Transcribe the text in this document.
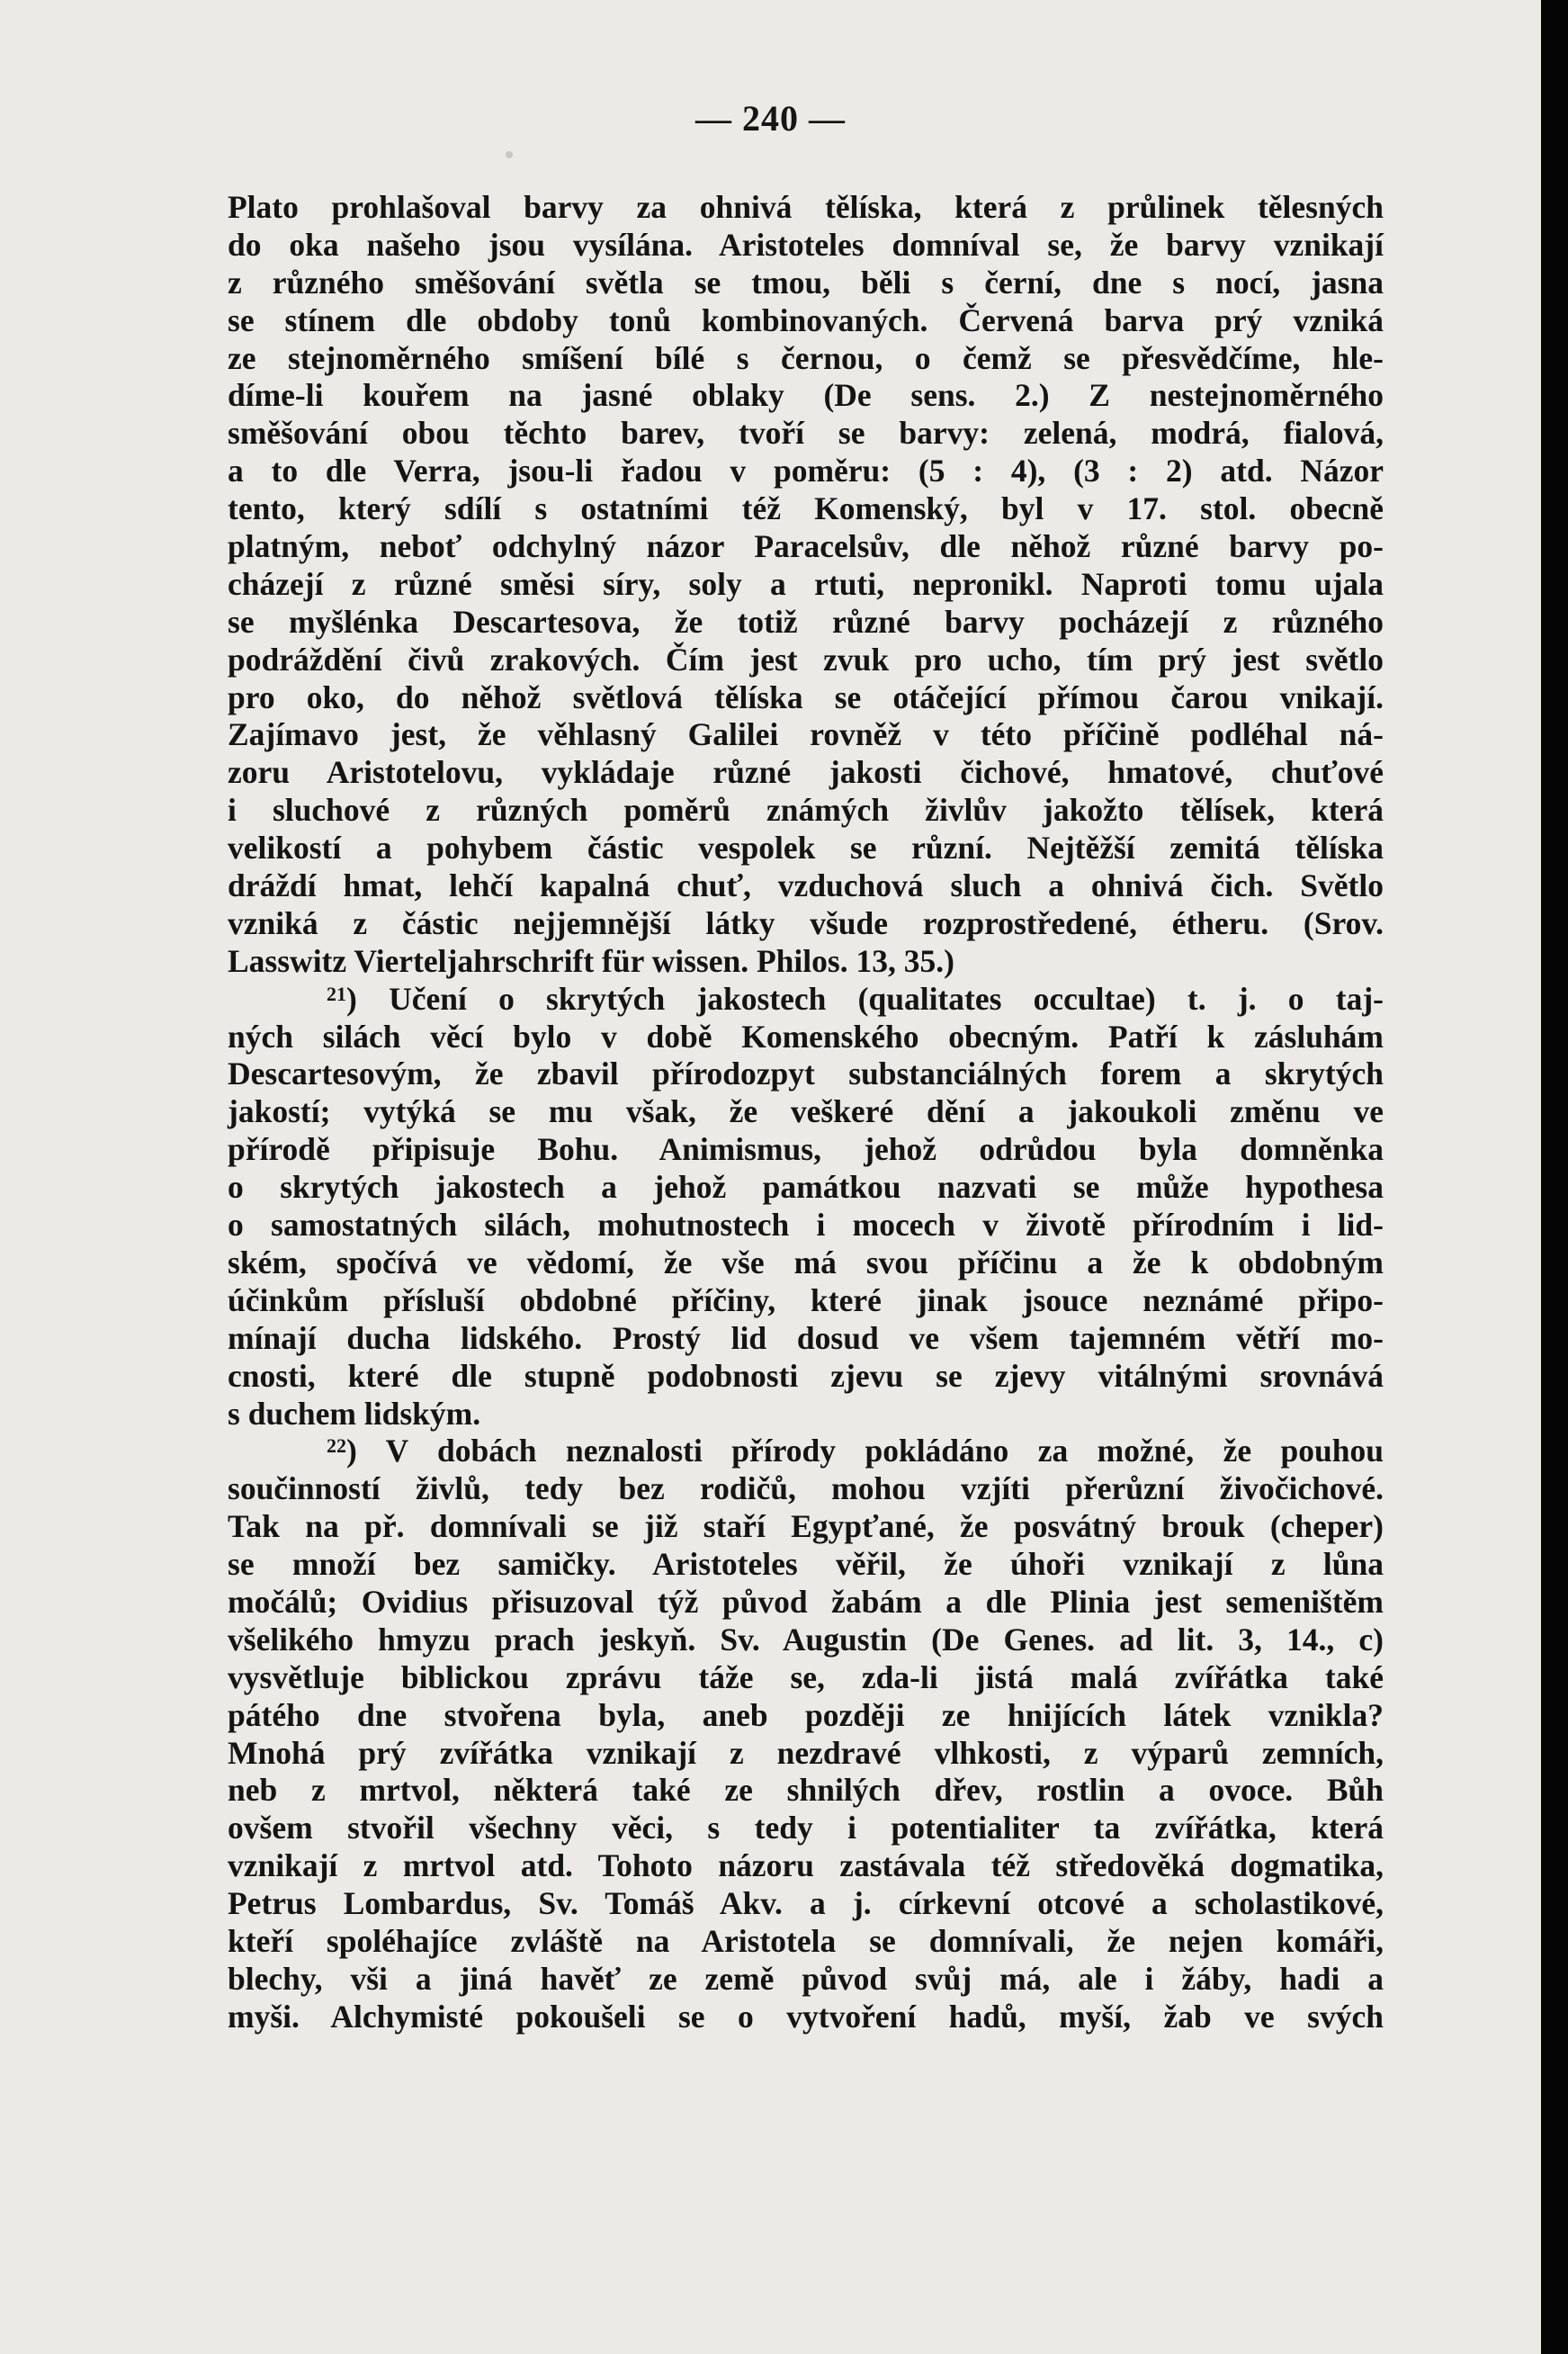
— 240 —
Plato prohlašoval barvy za ohnivá tělíska, která z průlinek tělesných
do oka našeho jsou vysílána. Aristoteles domníval se, že barvy vznikají
z různého směšování světla se tmou, běli s černí, dne s nocí, jasna
se stínem dle obdoby tonů kombinovaných. Červená barva prý vzniká
ze stejnoměrného smíšení bílé s černou, o čemž se přesvědčíme, hle-
díme-li kouřem na jasné oblaky (De sens. 2.) Z nestejnoměrného
směšování obou těchto barev, tvoří se barvy: zelená, modrá, fialová,
a to dle Verra, jsou-li řadou v poměru: (5 : 4), (3 : 2) atd. Názor
tento, který sdílí s ostatními též Komenský, byl v 17. stol. obecně
platným, neboť odchylný názor Paracelsův, dle něhož různé barvy po-
cházejí z různé směsi síry, soly a rtuti, nepronikl. Naproti tomu ujala
se myšlénka Descartesova, že totiž různé barvy pocházejí z různého
podráždění čivů zrakových. Čím jest zvuk pro ucho, tím prý jest světlo
pro oko, do něhož světlová tělíska se otáčející přímou čarou vnikají.
Zajímavo jest, že věhlasný Galilei rovněž v této příčině podléhal ná-
zoru Aristotelovu, vykládaje různé jakosti čichové, hmatové, chuťové
i sluchové z různých poměrů známých živlův jakožto tělísek, která
velikostí a pohybem částic vespolek se různí. Nejtěžší zemitá tělíska
dráždí hmat, lehčí kapalná chuť, vzduchová sluch a ohnivá čich. Světlo
vzniká z částic nejjemnější látky všude rozprostředené, étheru. (Srov.
Lasswitz Vierteljahrschrift für wissen. Philos. 13, 35.)
$^{21}$) Učení o skrytých jakostech (qualitates occultae) t. j. o taj-
ných silách věcí bylo v době Komenského obecným. Patří k zásluhám
Descartesovým, že zbavil přírodozpyt substanciálných forem a skrytých
jakostí; vytýká se mu však, že veškeré dění a jakoukoli změnu ve
přírodě připisuje Bohu. Animismus, jehož odrůdou byla domněnka
o skrytých jakostech a jehož památkou nazvati se může hypothesa
o samostatných silách, mohutnostech i mocech v životě přírodním i lid-
ském, spočívá ve vědomí, že vše má svou příčinu a že k obdobným
účinkům přísluší obdobné příčiny, které jinak jsouce neznámé připo-
mínají ducha lidského. Prostý lid dosud ve všem tajemném větří mo-
cnosti, které dle stupně podobnosti zjevu se zjevy vitálnými srovnává
s duchem lidským.
$^{22}$) V dobách neznalosti přírody pokládáno za možné, že pouhou
součinností živlů, tedy bez rodičů, mohou vzjíti přerůzní živočichové.
Tak na př. domnívali se již staří Egypťané, že posvátný brouk (cheper)
se množí bez samičky. Aristoteles věřil, že úhoři vznikají z lůna
močálů; Ovidius přisuzoval týž původ žabám a dle Plinia jest semeništěm
všelikého hmyzu prach jeskyň. Sv. Augustin (De Genes. ad lit. 3, 14., c)
vysvětluje biblickou zprávu táže se, zda-li jistá malá zvířátka také
pátého dne stvořena byla, aneb později ze hnijících látek vznikla?
Mnohá prý zvířátka vznikají z nezdravé vlhkosti, z výparů zemních,
neb z mrtvol, některá také ze shnilých dřev, rostlin a ovoce. Bůh
ovšem stvořil všechny věci, s tedy i potentialiter ta zvířátka, která
vznikají z mrtvol atd. Tohoto názoru zastávala též středověká dogmatika,
Petrus Lombardus, Sv. Tomáš Akv. a j. církevní otcové a scholastikové,
kteří spoléhajíce zvláště na Aristotela se domnívali, že nejen komáři,
blechy, vši a jiná havěť ze země původ svůj má, ale i žáby, hadi a
myši. Alchymisté pokoušeli se o vytvoření hadů, myší, žab ve svých
